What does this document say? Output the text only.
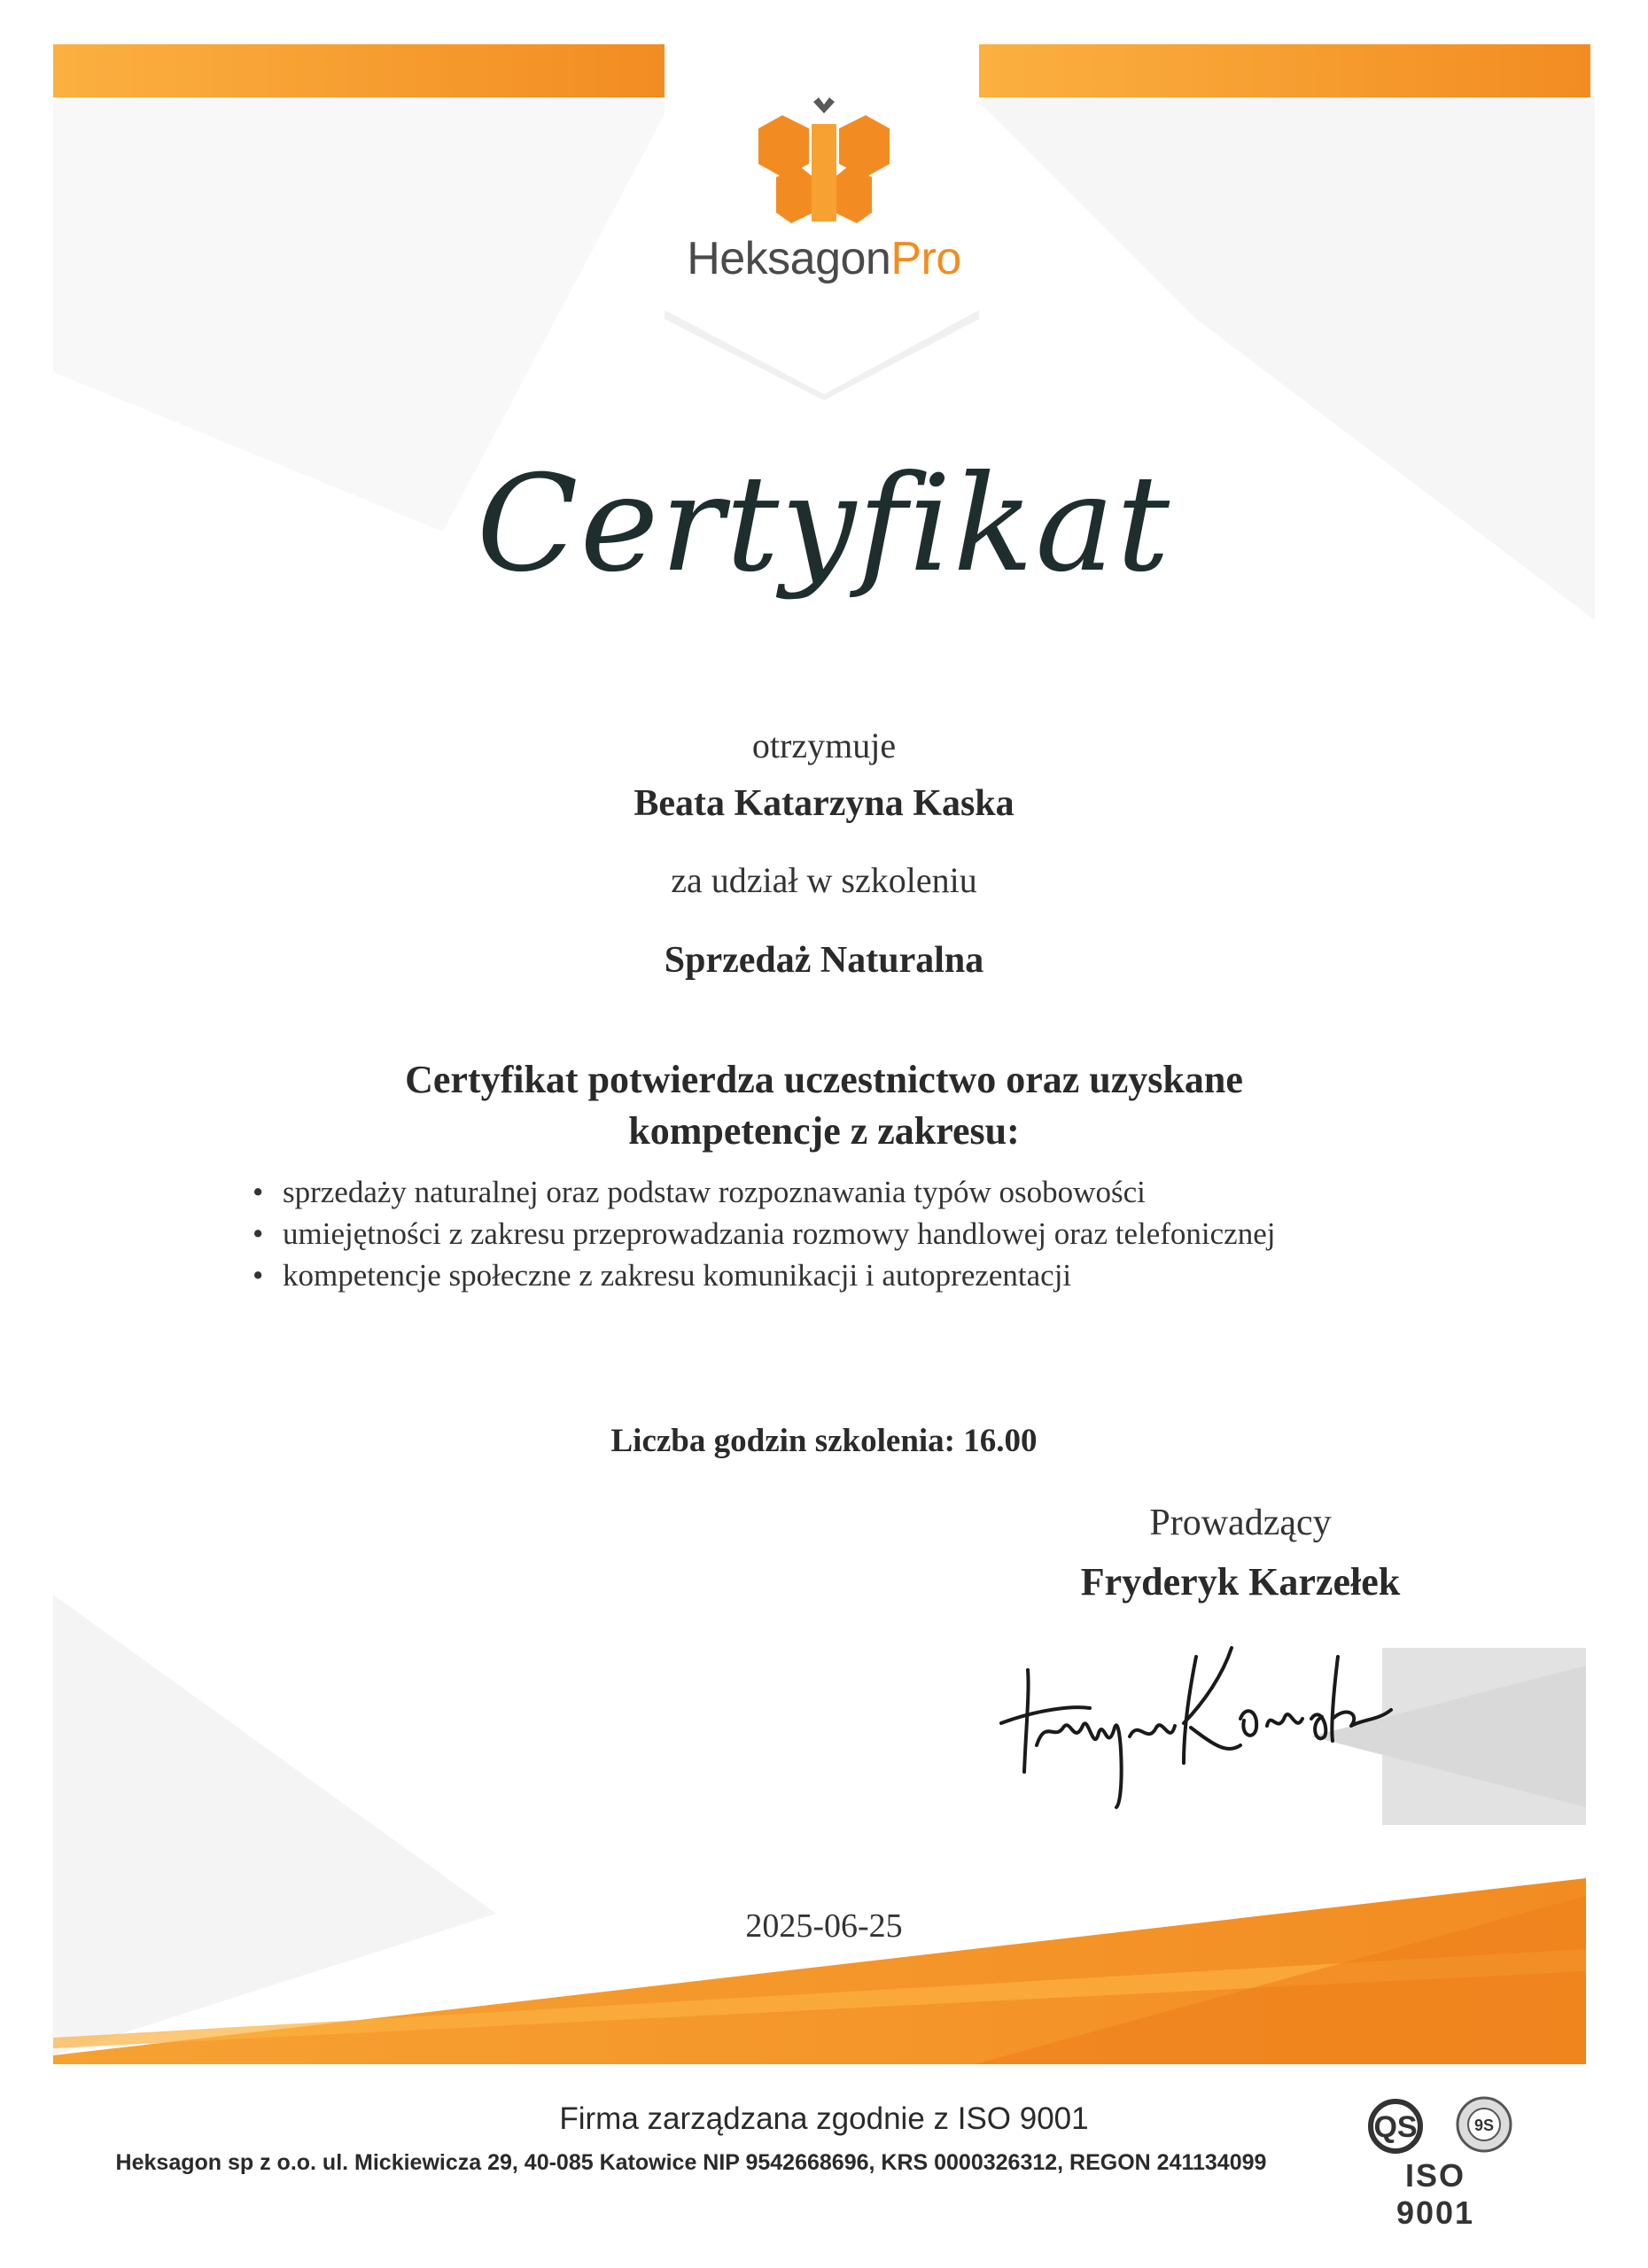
HeksagonPro
Certyfikat
otrzymuje
Beata Katarzyna Kaska
za udział w szkoleniu
Sprzedaż Naturalna
Certyfikat potwierdza uczestnictwo oraz uzyskane
kompetencje z zakresu:
• sprzedaży naturalnej oraz podstaw rozpoznawania typów osobowości
• umiejętności z zakresu przeprowadzania rozmowy handlowej oraz telefonicznej
• kompetencje społeczne z zakresu komunikacji i autoprezentacji
Liczba godzin szkolenia: 16.00
Prowadzący
Fryderyk Karzełek
2025-06-25
Firma zarządzana zgodnie z ISO 9001
Heksagon sp z o.o. ul. Mickiewicza 29, 40-085 Katowice NIP 9542668696, KRS 0000326312, REGON 241134099
QS	9S
ISO 9001
